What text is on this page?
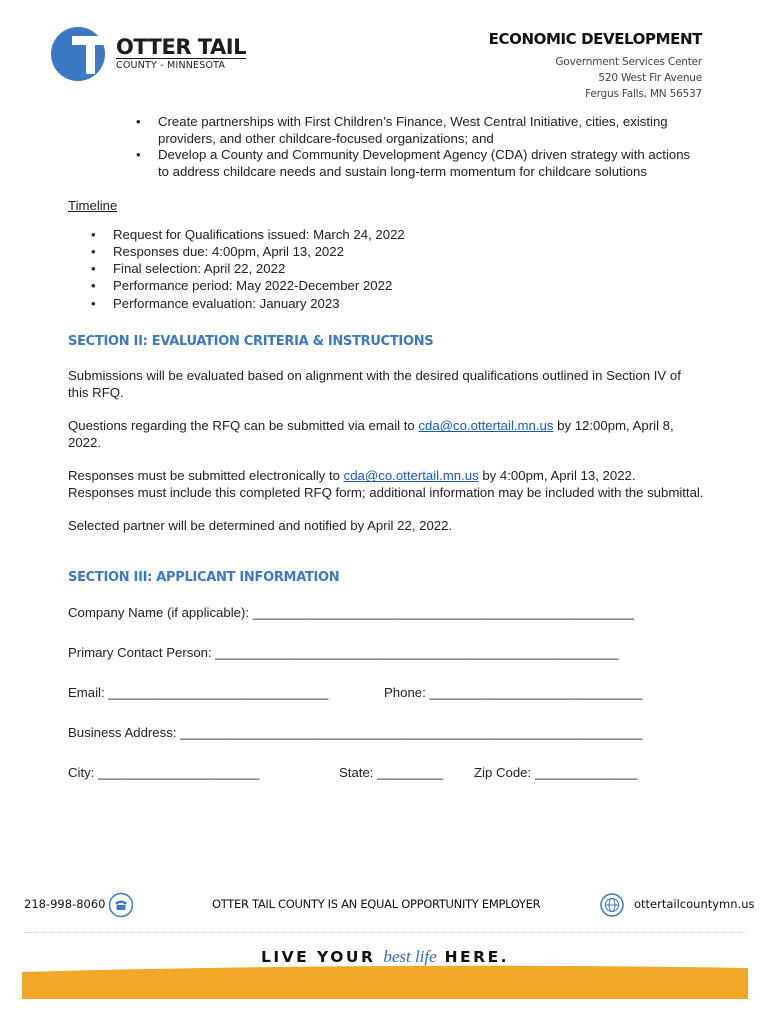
OTTER TAIL
COUNTY - MINNESOTA
ECONOMIC DEVELOPMENT
Government Services Center
520 West Fir Avenue
Fergus Falls, MN 56537
• Create partnerships with First Children’s Finance, West Central Initiative, cities, existing providers, and other childcare-focused organizations; and
• Develop a County and Community Development Agency (CDA) driven strategy with actions to address childcare needs and sustain long-term momentum for childcare solutions
Timeline
• Request for Qualifications issued: March 24, 2022
• Responses due: 4:00pm, April 13, 2022
• Final selection: April 22, 2022
• Performance period: May 2022-December 2022
• Performance evaluation: January 2023
SECTION II: EVALUATION CRITERIA & INSTRUCTIONS

Submissions will be evaluated based on alignment with the desired qualifications outlined in Section IV of this RFQ.

Questions regarding the RFQ can be submitted via email to cda@co.ottertail.mn.us by 12:00pm, April 8, 2022.

Responses must be submitted electronically to cda@co.ottertail.mn.us by 4:00pm, April 13, 2022. Responses must include this completed RFQ form; additional information may be included with the submittal.

Selected partner will be determined and notified by April 22, 2022.

SECTION III: APPLICANT INFORMATION
Company Name (if applicable): ____________________________________________________
Primary Contact Person: _______________________________________________________
Email: ______________________________	Phone: _____________________________
Business Address: _______________________________________________________________
City: ______________________	State: _________ Zip Code: ______________
218-998-8060	OTTER TAIL COUNTY IS AN EQUAL OPPORTUNITY EMPLOYER	ottertailcountymn.us
LIVE YOUR best life HERE.
